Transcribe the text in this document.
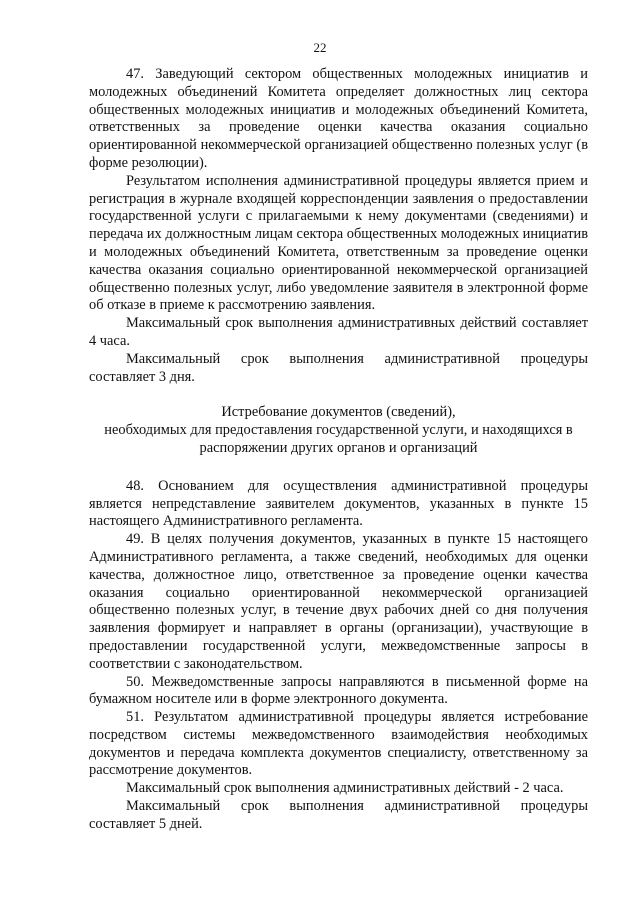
22

47. Заведующий сектором общественных молодежных инициатив и молодежных объединений Комитета определяет должностных лиц сектора общественных молодежных инициатив и молодежных объединений Комитета, ответственных за проведение оценки качества оказания социально ориентированной некоммерческой организацией общественно полезных услуг (в форме резолюции).

Результатом исполнения административной процедуры является прием и регистрация в журнале входящей корреспонденции заявления о предоставлении государственной услуги с прилагаемыми к нему документами (сведениями) и передача их должностным лицам сектора общественных молодежных инициатив и молодежных объединений Комитета, ответственным за проведение оценки качества оказания социально ориентированной некоммерческой организацией общественно полезных услуг, либо уведомление заявителя в электронной форме об отказе в приеме к рассмотрению заявления.

Максимальный срок выполнения административных действий составляет 4 часа.

Максимальный срок выполнения административной процедуры составляет 3 дня.

Истребование документов (сведений),
необходимых для предоставления государственной услуги, и находящихся в
распоряжении других органов и организаций

48. Основанием для осуществления административной процедуры является непредставление заявителем документов, указанных в пункте 15 настоящего Административного регламента.

49. В целях получения документов, указанных в пункте 15 настоящего Административного регламента, а также сведений, необходимых для оценки качества, должностное лицо, ответственное за проведение оценки качества оказания социально ориентированной некоммерческой организацией общественно полезных услуг, в течение двух рабочих дней со дня получения заявления формирует и направляет в органы (организации), участвующие в предоставлении государственной услуги, межведомственные запросы в соответствии с законодательством.

50. Межведомственные запросы направляются в письменной форме на бумажном носителе или в форме электронного документа.

51. Результатом административной процедуры является истребование посредством системы межведомственного взаимодействия необходимых документов и передача комплекта документов специалисту, ответственному за рассмотрение документов.

Максимальный срок выполнения административных действий - 2 часа.

Максимальный срок выполнения административной процедуры составляет 5 дней.
